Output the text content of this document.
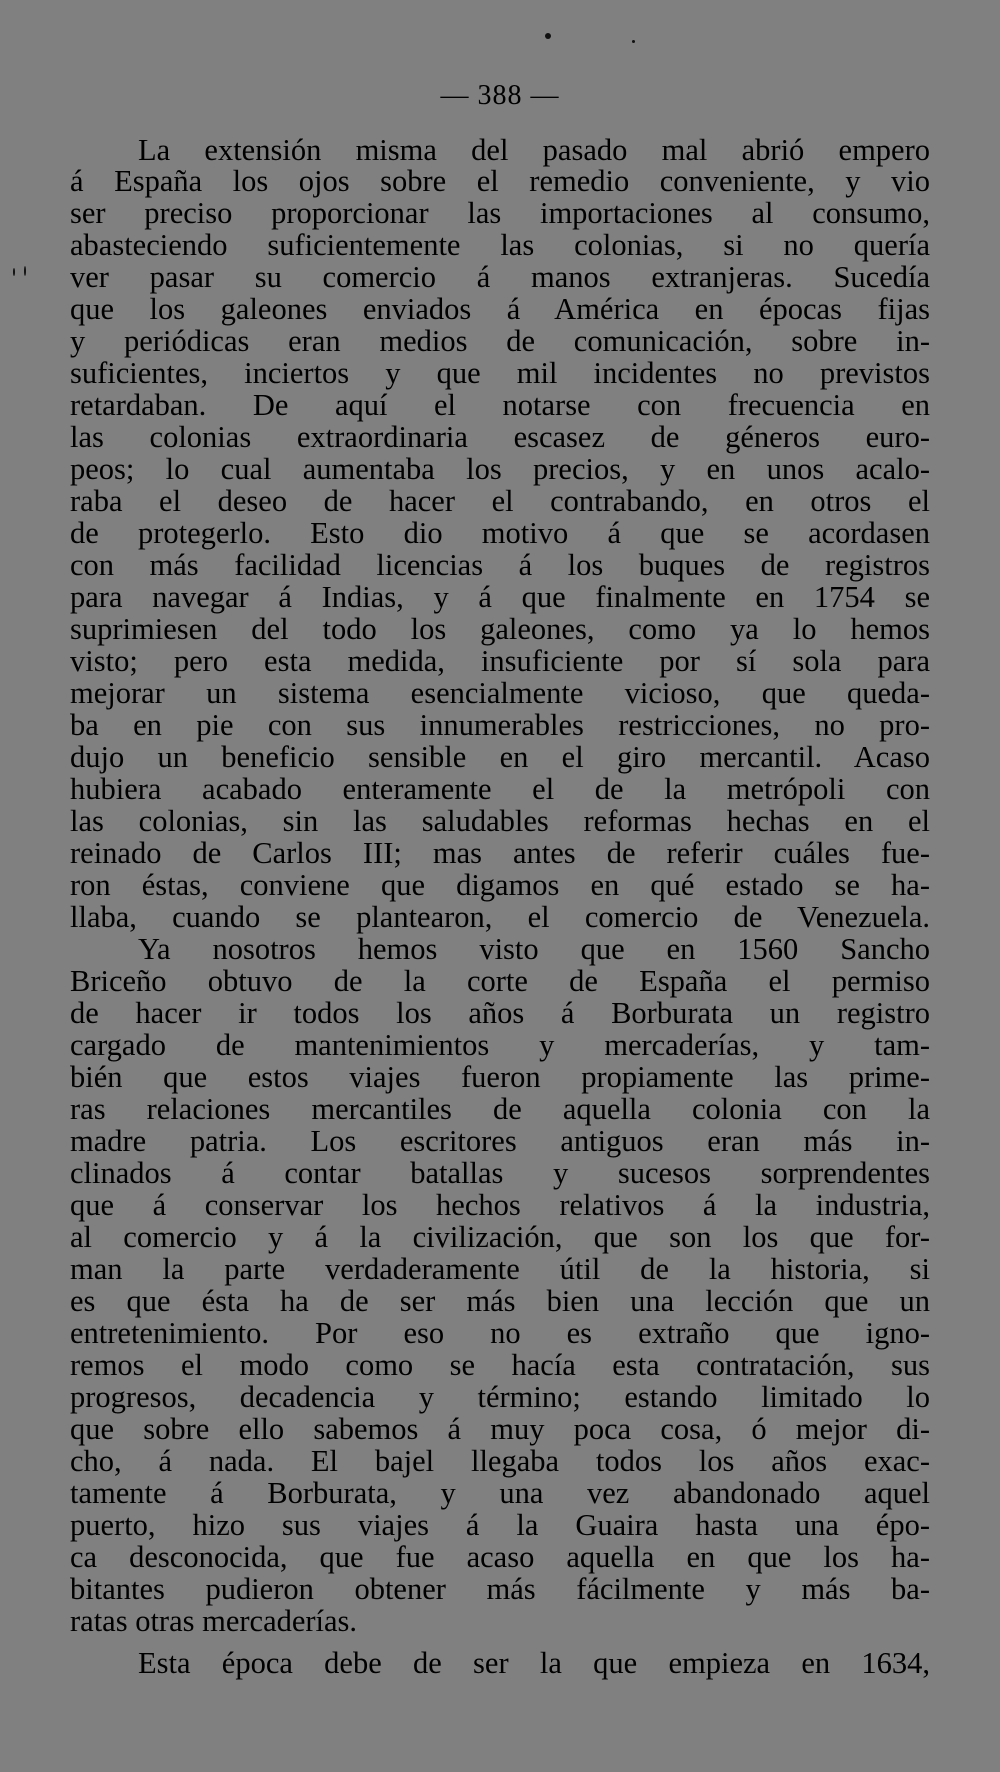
— 388 —
La extensión misma del pasado mal abrió empero
á España los ojos sobre el remedio conveniente, y vio
ser preciso proporcionar las importaciones al consumo,
abasteciendo suficientemente las colonias, si no quería
ver pasar su comercio á manos extranjeras. Sucedía
que los galeones enviados á América en épocas fijas
y periódicas eran medios de comunicación, sobre in-
suficientes, inciertos y que mil incidentes no previstos
retardaban. De aquí el notarse con frecuencia en
las colonias extraordinaria escasez de géneros euro-
peos; lo cual aumentaba los precios, y en unos acalo-
raba el deseo de hacer el contrabando, en otros el
de protegerlo. Esto dio motivo á que se acordasen
con más facilidad licencias á los buques de registros
para navegar á Indias, y á que finalmente en 1754 se
suprimiesen del todo los galeones, como ya lo hemos
visto; pero esta medida, insuficiente por sí sola para
mejorar un sistema esencialmente vicioso, que queda-
ba en pie con sus innumerables restricciones, no pro-
dujo un beneficio sensible en el giro mercantil. Acaso
hubiera acabado enteramente el de la metrópoli con
las colonias, sin las saludables reformas hechas en el
reinado de Carlos III; mas antes de referir cuáles fue-
ron éstas, conviene que digamos en qué estado se ha-
llaba, cuando se plantearon, el comercio de Venezuela.
Ya nosotros hemos visto que en 1560 Sancho
Briceño obtuvo de la corte de España el permiso
de hacer ir todos los años á Borburata un registro
cargado de mantenimientos y mercaderías, y tam-
bién que estos viajes fueron propiamente las prime-
ras relaciones mercantiles de aquella colonia con la
madre patria. Los escritores antiguos eran más in-
clinados á contar batallas y sucesos sorprendentes
que á conservar los hechos relativos á la industria,
al comercio y á la civilización, que son los que for-
man la parte verdaderamente útil de la historia, si
es que ésta ha de ser más bien una lección que un
entretenimiento. Por eso no es extraño que igno-
remos el modo como se hacía esta contratación, sus
progresos, decadencia y término; estando limitado lo
que sobre ello sabemos á muy poca cosa, ó mejor di-
cho, á nada. El bajel llegaba todos los años exac-
tamente á Borburata, y una vez abandonado aquel
puerto, hizo sus viajes á la Guaira hasta una épo-
ca desconocida, que fue acaso aquella en que los ha-
bitantes pudieron obtener más fácilmente y más ba-
ratas otras mercaderías.
Esta época debe de ser la que empieza en 1634,
